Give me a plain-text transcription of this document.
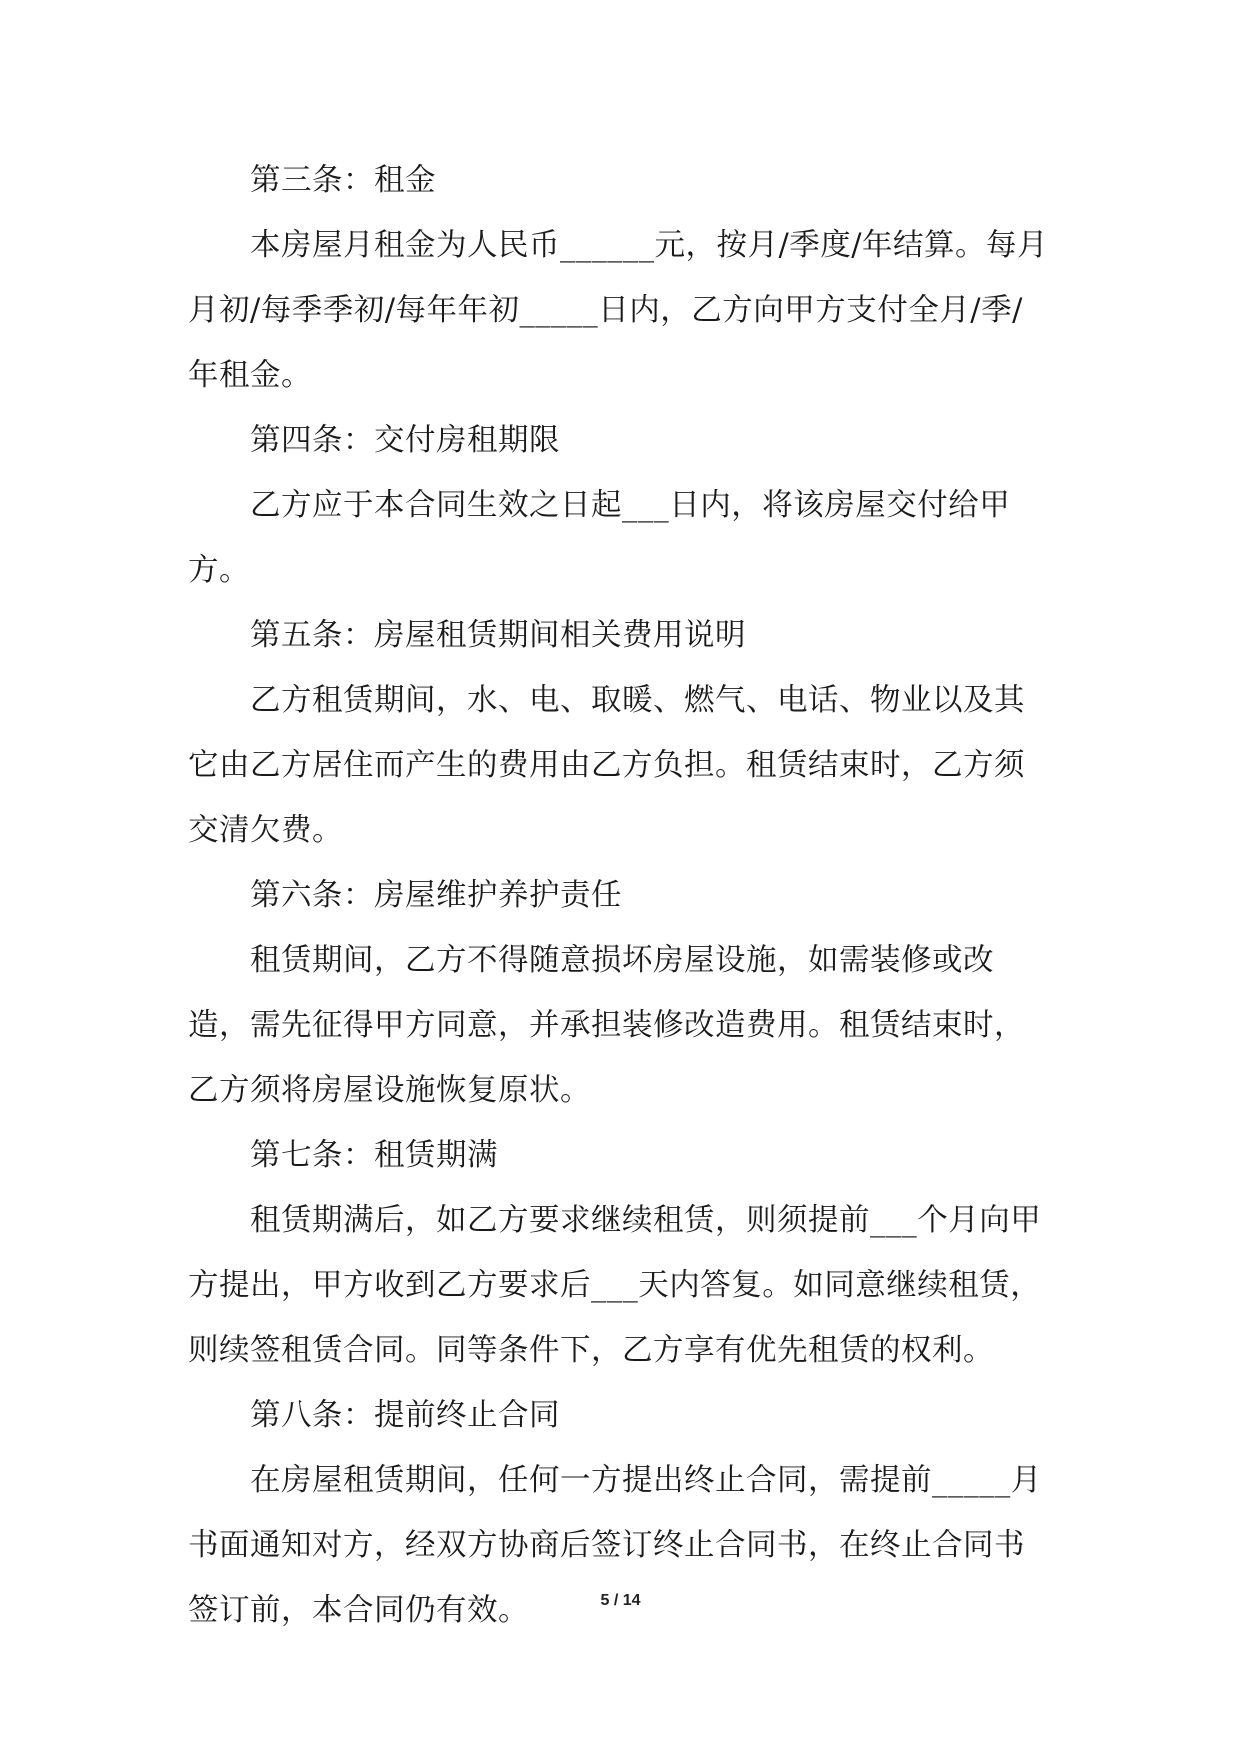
第三条：租金

本房屋月租金为人民币______元，按月/季度/年结算。每月月初/每季季初/每年年初_____日内，乙方向甲方支付全月/季/年租金。

第四条：交付房租期限

乙方应于本合同生效之日起___日内，将该房屋交付给甲方。

第五条：房屋租赁期间相关费用说明

乙方租赁期间，水、电、取暖、燃气、电话、物业以及其它由乙方居住而产生的费用由乙方负担。租赁结束时，乙方须交清欠费。

第六条：房屋维护养护责任

租赁期间，乙方不得随意损坏房屋设施，如需装修或改造，需先征得甲方同意，并承担装修改造费用。租赁结束时，乙方须将房屋设施恢复原状。

第七条：租赁期满

租赁期满后，如乙方要求继续租赁，则须提前___个月向甲方提出，甲方收到乙方要求后___天内答复。如同意继续租赁，则续签租赁合同。同等条件下，乙方享有优先租赁的权利。

第八条：提前终止合同

在房屋租赁期间，任何一方提出终止合同，需提前_____月书面通知对方，经双方协商后签订终止合同书，在终止合同书签订前，本合同仍有效。	5 / 14
